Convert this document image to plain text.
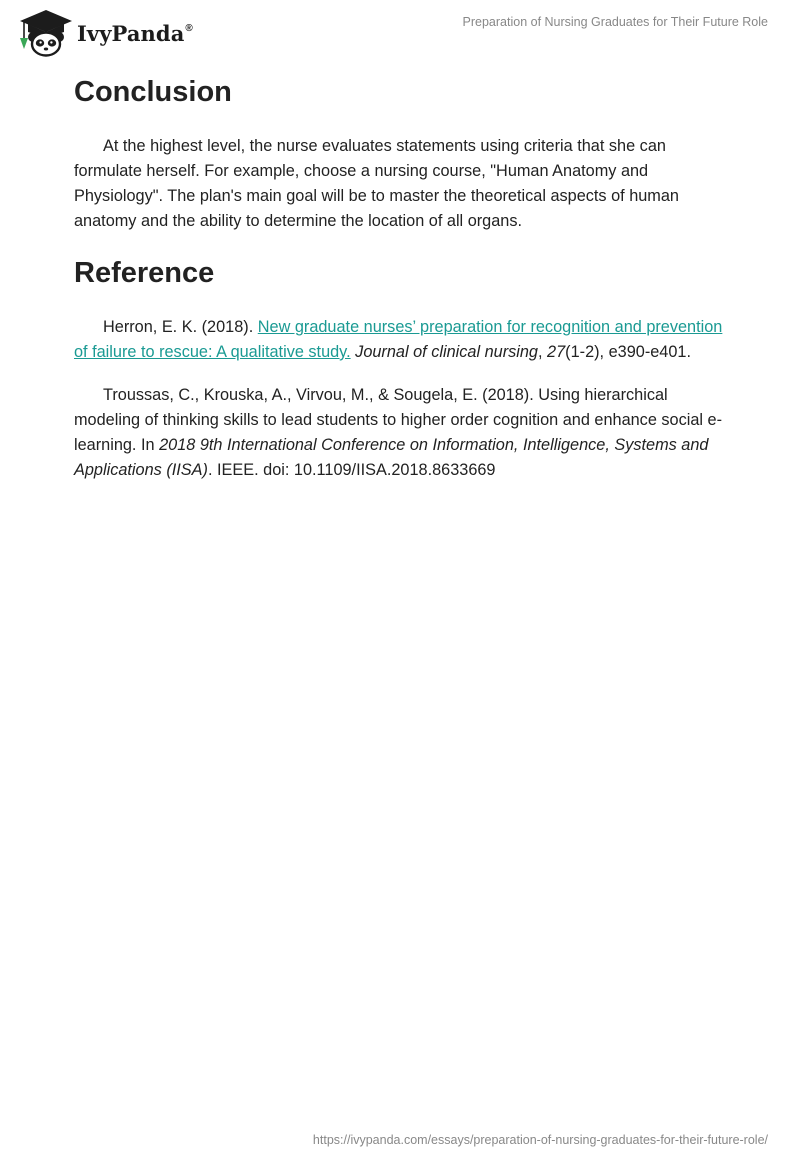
IvyPanda®	Preparation of Nursing Graduates for Their Future Role
Conclusion

At the highest level, the nurse evaluates statements using criteria that she can formulate herself. For example, choose a nursing course, "Human Anatomy and Physiology". The plan's main goal will be to master the theoretical aspects of human anatomy and the ability to determine the location of all organs.

Reference

Herron, E. K. (2018). New graduate nurses’ preparation for recognition and prevention of failure to rescue: A qualitative study. Journal of clinical nursing, 27(1-2), e390-e401.

Troussas, C., Krouska, A., Virvou, M., & Sougela, E. (2018). Using hierarchical modeling of thinking skills to lead students to higher order cognition and enhance social e-learning. In 2018 9th International Conference on Information, Intelligence, Systems and Applications (IISA). IEEE. doi: 10.1109/IISA.2018.8633669

https://ivypanda.com/essays/preparation-of-nursing-graduates-for-their-future-role/
